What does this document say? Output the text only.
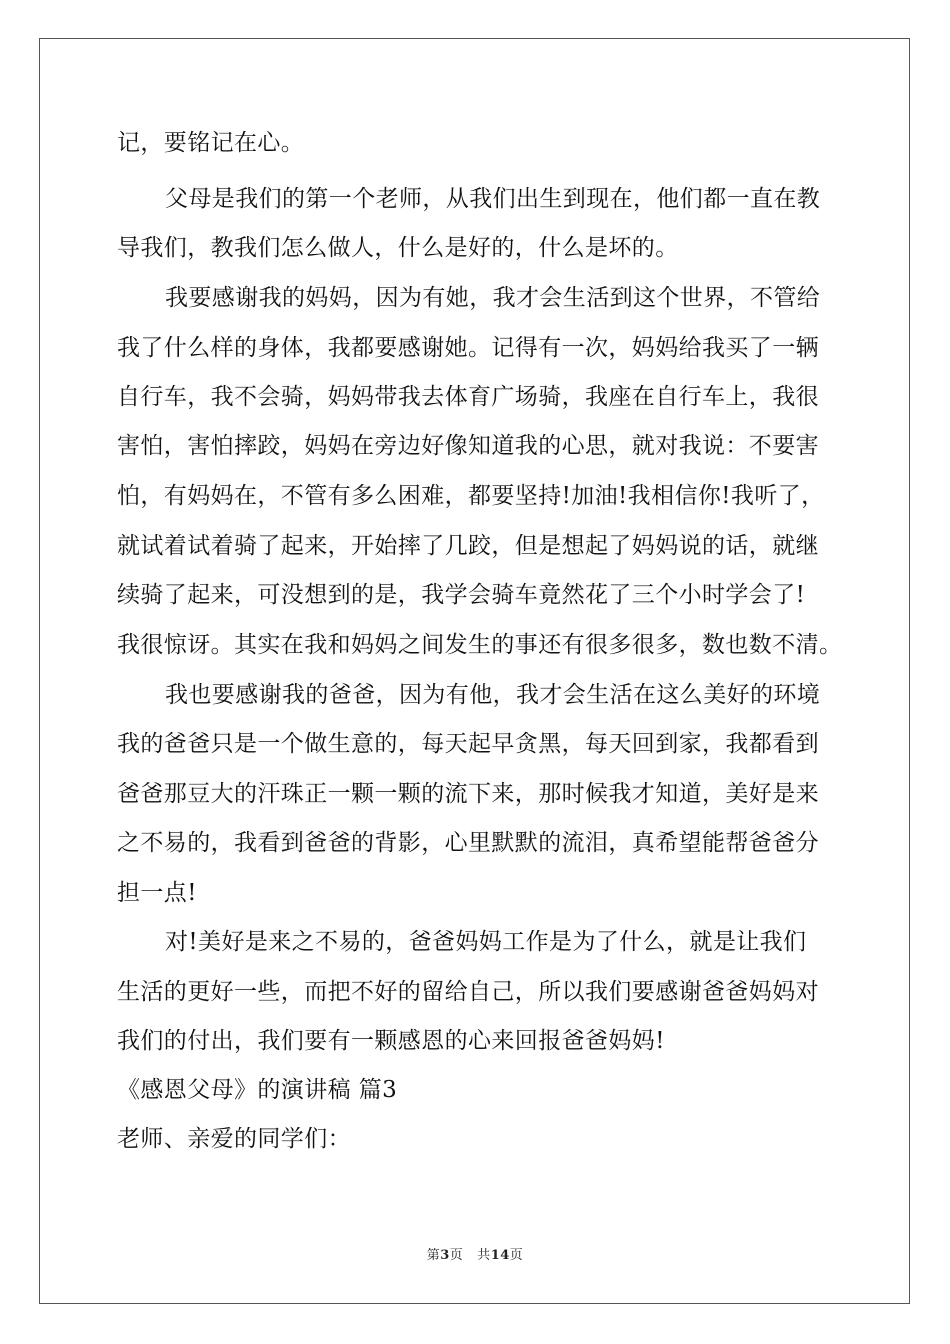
记，要铭记在心。
父母是我们的第一个老师，从我们出生到现在，他们都一直在教
导我们，教我们怎么做人，什么是好的，什么是坏的。
我要感谢我的妈妈，因为有她，我才会生活到这个世界，不管给
我了什么样的身体，我都要感谢她。记得有一次，妈妈给我买了一辆
自行车，我不会骑，妈妈带我去体育广场骑，我座在自行车上，我很
害怕，害怕摔跤，妈妈在旁边好像知道我的心思，就对我说：不要害
怕，有妈妈在，不管有多么困难，都要坚持!加油!我相信你!我听了，
就试着试着骑了起来，开始摔了几跤，但是想起了妈妈说的话，就继
续骑了起来，可没想到的是，我学会骑车竟然花了三个小时学会了!
我很惊讶。其实在我和妈妈之间发生的事还有很多很多，数也数不清。
我也要感谢我的爸爸，因为有他，我才会生活在这么美好的环境
我的爸爸只是一个做生意的，每天起早贪黑，每天回到家，我都看到
爸爸那豆大的汗珠正一颗一颗的流下来，那时候我才知道，美好是来
之不易的，我看到爸爸的背影，心里默默的流泪，真希望能帮爸爸分
担一点!
对!美好是来之不易的，爸爸妈妈工作是为了什么，就是让我们
生活的更好一些，而把不好的留给自己，所以我们要感谢爸爸妈妈对
我们的付出，我们要有一颗感恩的心来回报爸爸妈妈!
《感恩父母》的演讲稿 篇3
老师、亲爱的同学们：
第3页 共14页
